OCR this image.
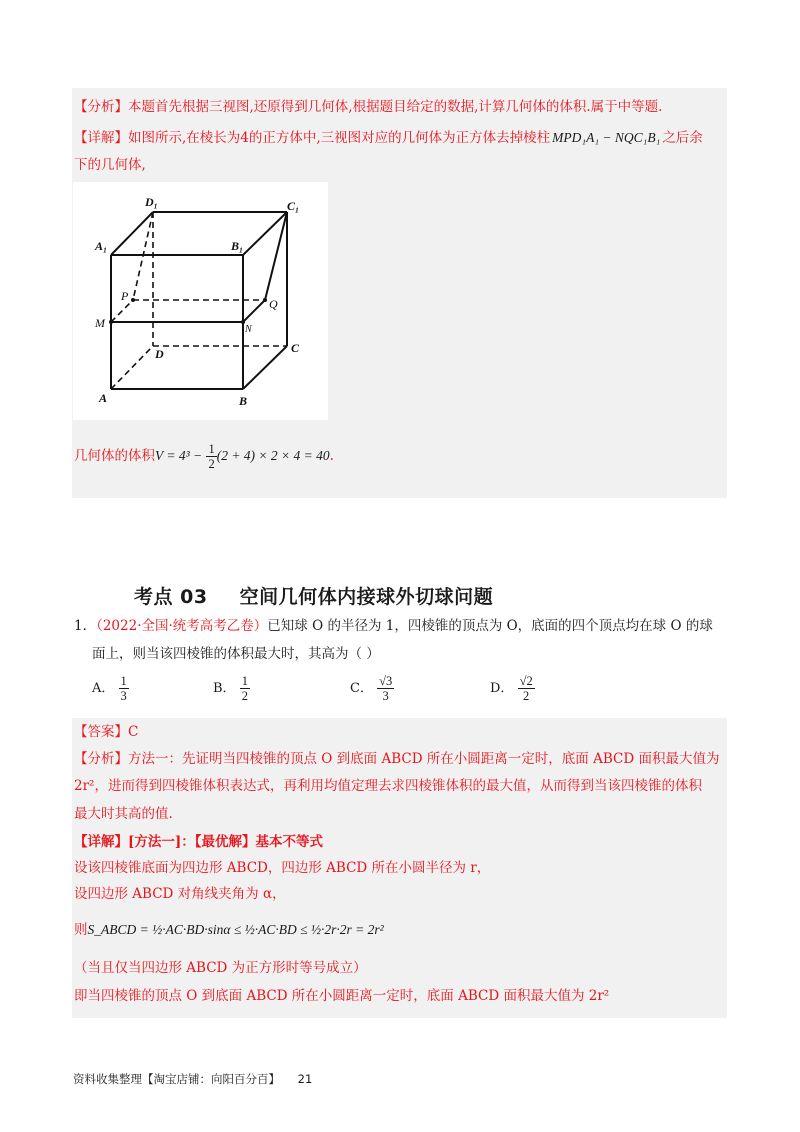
【分析】本题首先根据三视图,还原得到几何体,根据题目给定的数据,计算几何体的体积.属于中等题.
【详解】如图所示,在棱长为4的正方体中,三视图对应的几何体为正方体去掉棱柱 MPD₁A₁ − NQC₁B₁ 之后余
下的几何体,
D₁	C₁
A₁	B₁
P
Q
M	N
D	C
A	B
几何体的体积$V = 4^3 - \frac{1}{2} (2 + 4) \times 2 \times 4 = 40$.
考点 03 空间几何体内接球外切球问题
1．（2022·全国·统考高考乙卷）已知球 O 的半径为 1，四棱锥的顶点为 O，底面的四个顶点均在球 O 的球
面上，则当该四棱锥的体积最大时，其高为（ ）
A． $\frac{1}{3}$	B． $\frac{1}{2}$	C． $\frac{√3}{3}$	D． $\frac{√2}{2}$
【答案】C
【分析】方法一：先证明当四棱锥的顶点 O 到底面 ABCD 所在小圆距离一定时，底面 ABCD 面积最大值为
2r²，进而得到四棱锥体积表达式，再利用均值定理去求四棱锥体积的最大值，从而得到当该四棱锥的体积
最大时其高的值.
【详解】[方法一]：【最优解】基本不等式
设该四棱锥底面为四边形 ABCD，四边形 ABCD 所在小圆半径为 r，
设四边形 ABCD 对角线夹角为 α，
则S_ABCD = ½·AC·BD·sinα ≤ ½·AC·BD ≤ ½·2r·2r = 2r²
（当且仅当四边形 ABCD 为正方形时等号成立）
即当四棱锥的顶点 O 到底面 ABCD 所在小圆距离一定时，底面 ABCD 面积最大值为 2r²
资料收集整理【淘宝店铺：向阳百分百】 21
